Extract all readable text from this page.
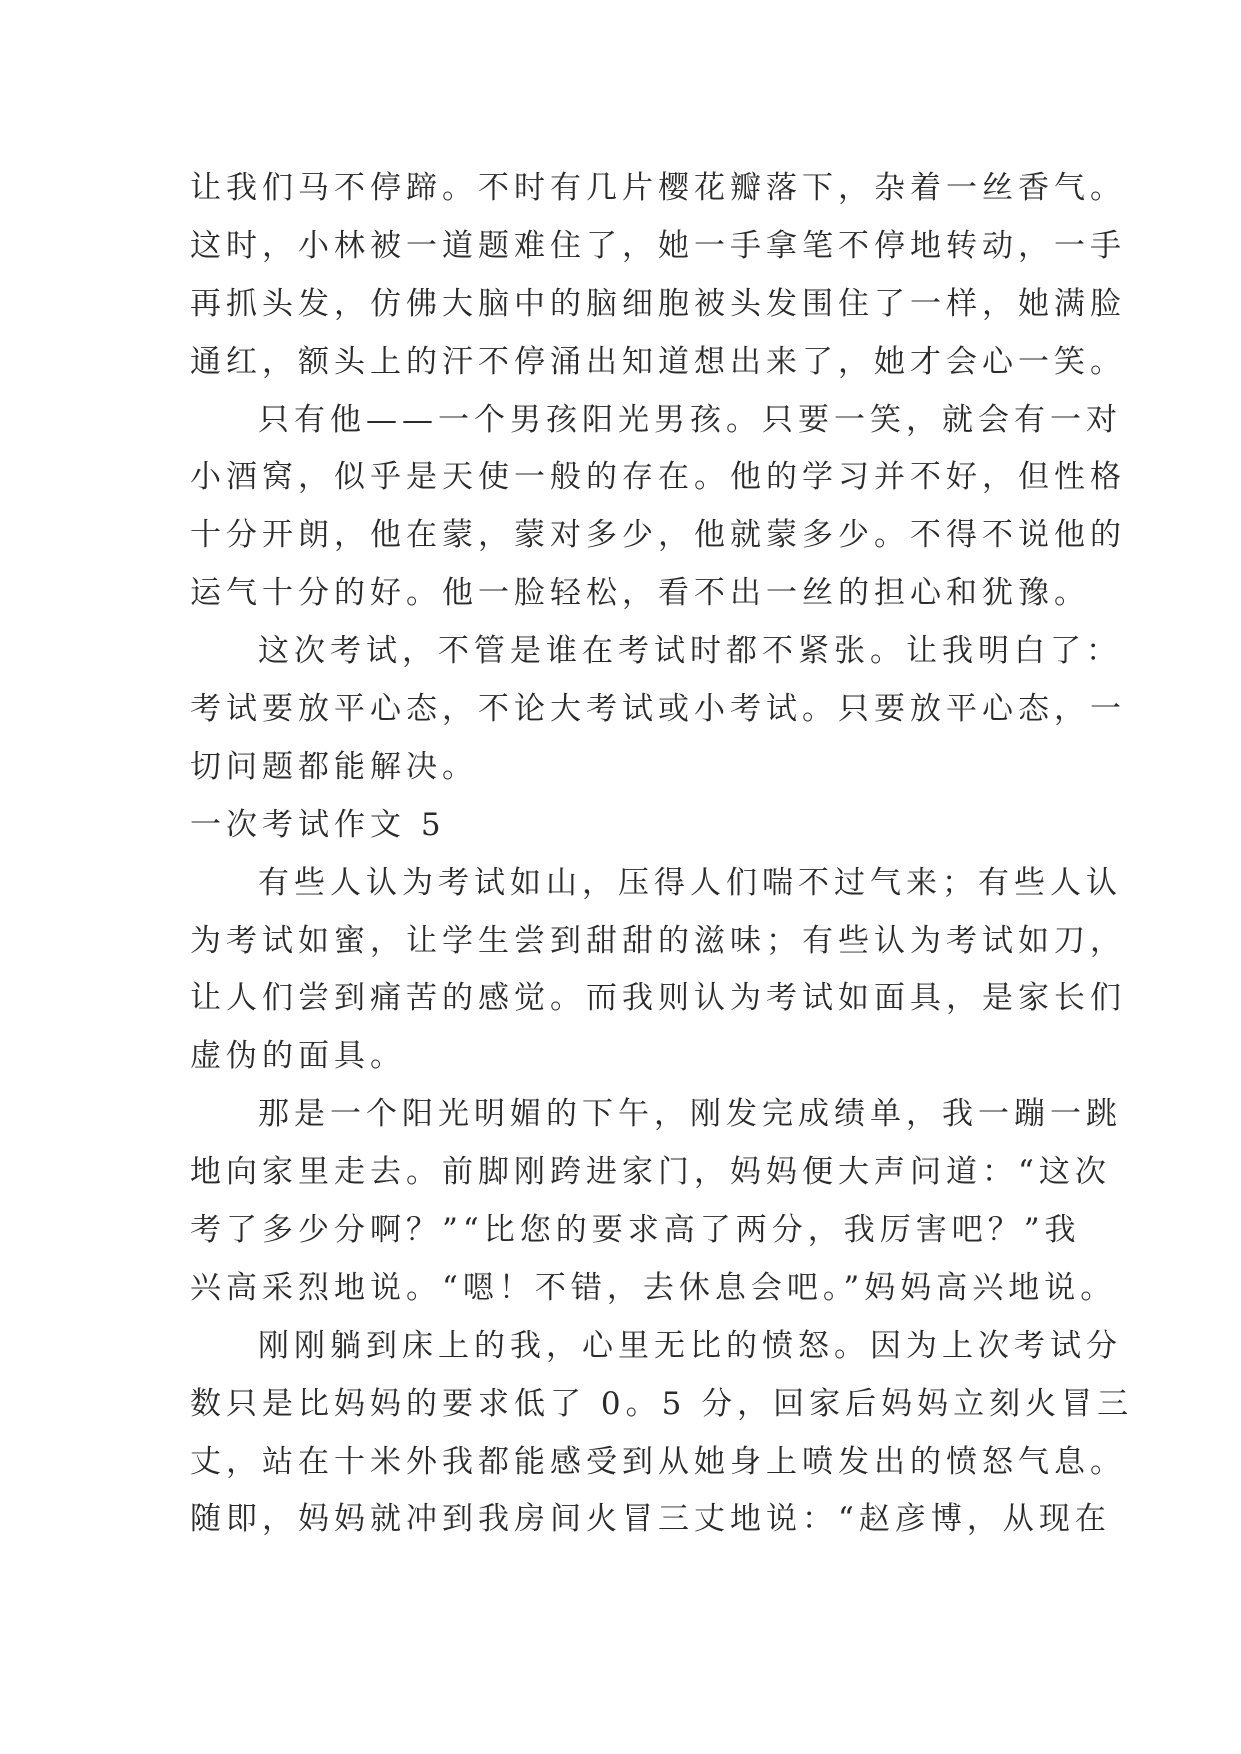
让我们马不停蹄。不时有几片樱花瓣落下，杂着一丝香气。
这时，小林被一道题难住了，她一手拿笔不停地转动，一手
再抓头发，仿佛大脑中的脑细胞被头发围住了一样，她满脸
通红，额头上的汗不停涌出知道想出来了，她才会心一笑。
只有他——一个男孩阳光男孩。只要一笑，就会有一对
小酒窝，似乎是天使一般的存在。他的学习并不好，但性格
十分开朗，他在蒙，蒙对多少，他就蒙多少。不得不说他的
运气十分的好。他一脸轻松，看不出一丝的担心和犹豫。
这次考试，不管是谁在考试时都不紧张。让我明白了：
考试要放平心态，不论大考试或小考试。只要放平心态，一
切问题都能解决。
一次考试作文 5
有些人认为考试如山，压得人们喘不过气来；有些人认
为考试如蜜，让学生尝到甜甜的滋味；有些认为考试如刀，
让人们尝到痛苦的感觉。而我则认为考试如面具，是家长们
虚伪的面具。
那是一个阳光明媚的下午，刚发完成绩单，我一蹦一跳
地向家里走去。前脚刚跨进家门，妈妈便大声问道：“这次
考了多少分啊？”“比您的要求高了两分，我厉害吧？”我
兴高采烈地说。“嗯！不错，去休息会吧。”妈妈高兴地说。
刚刚躺到床上的我，心里无比的愤怒。因为上次考试分
数只是比妈妈的要求低了 0。5 分，回家后妈妈立刻火冒三
丈，站在十米外我都能感受到从她身上喷发出的愤怒气息。
随即，妈妈就冲到我房间火冒三丈地说：“赵彦博，从现在
